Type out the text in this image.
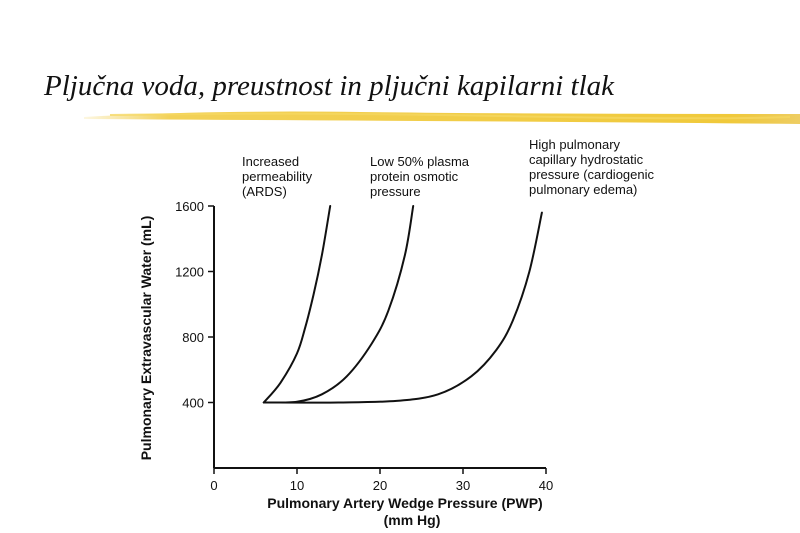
Pljučna voda, preustnost in pljučni kapilarni tlak
0	10	20	30	40
400
800
1200
1600
Pulmonary Artery Wedge Pressure (PWP)
(mm Hg)
Pulmonary Extravascular Water (mL)
Increased
permeability
(ARDS)
Low 50% plasma
protein osmotic
pressure
High pulmonary
capillary hydrostatic
pressure (cardiogenic
pulmonary edema)
